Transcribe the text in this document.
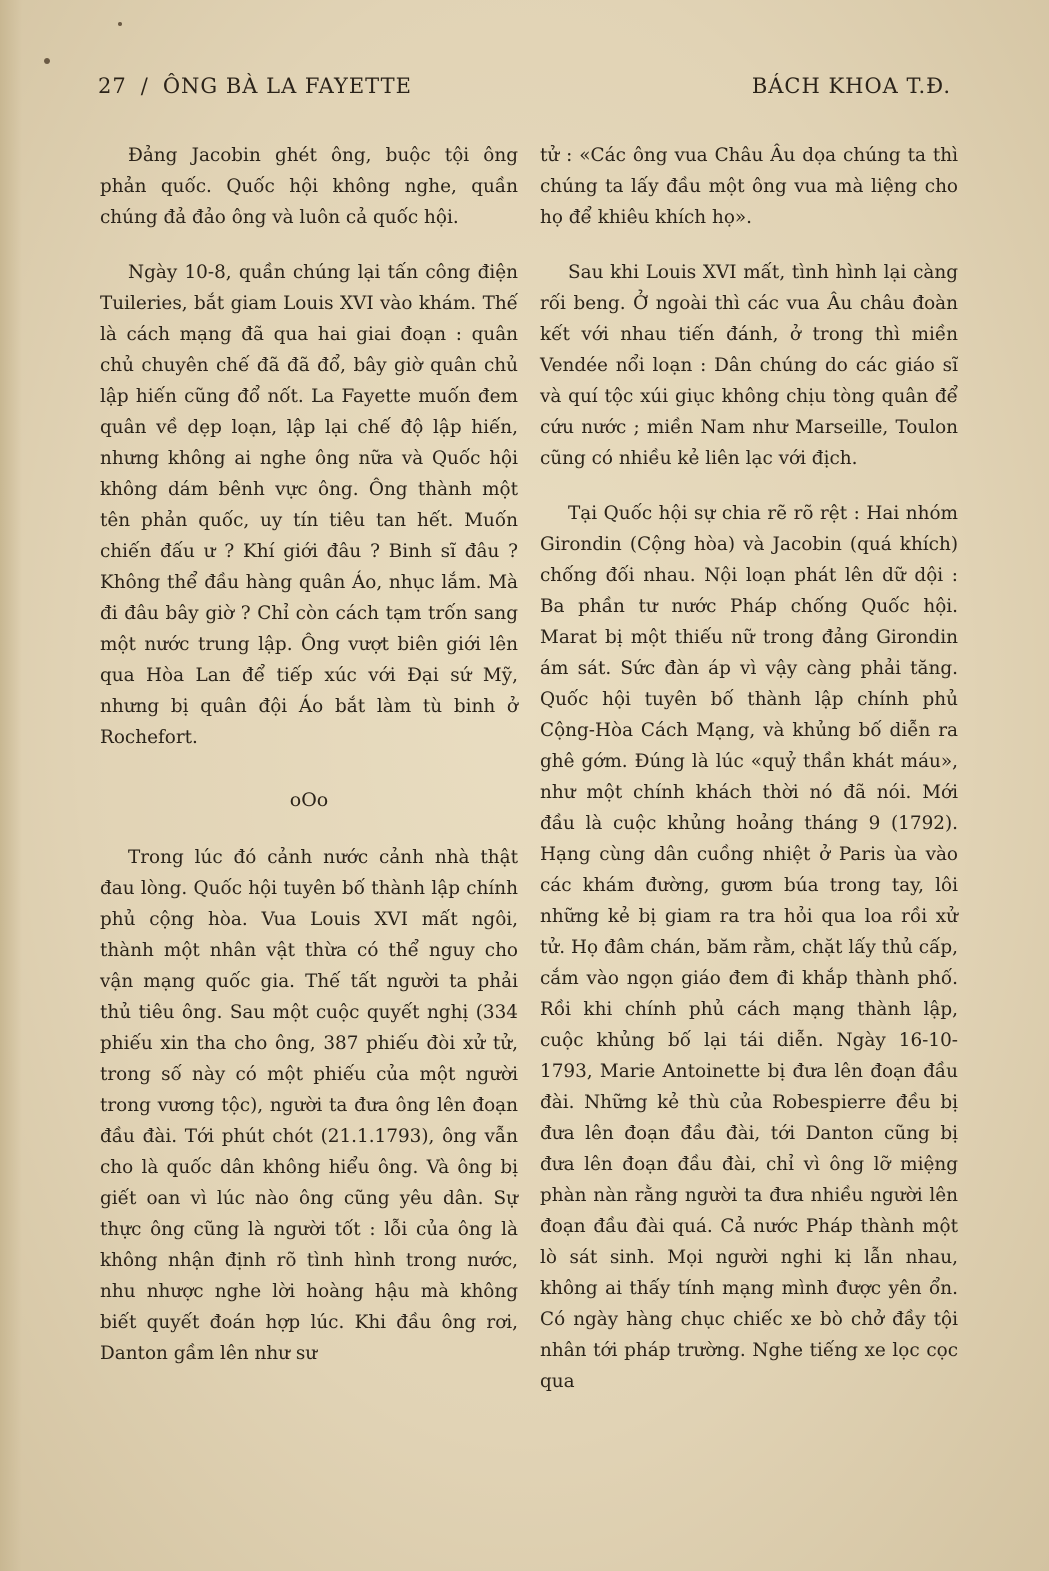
27 / ÔNG BÀ LA FAYETTE	BÁCH KHOA T.Đ.

Đảng Jacobin ghét ông, buộc tội ông phản quốc. Quốc hội không nghe, quần chúng đả đảo ông và luôn cả quốc hội.

Ngày 10-8, quần chúng lại tấn công điện Tuileries, bắt giam Louis XVI vào khám. Thế là cách mạng đã qua hai giai đoạn : quân chủ chuyên chế đã đã đổ, bây giờ quân chủ lập hiến cũng đổ nốt. La Fayette muốn đem quân về dẹp loạn, lập lại chế độ lập hiến, nhưng không ai nghe ông nữa và Quốc hội không dám bênh vực ông. Ông thành một tên phản quốc, uy tín tiêu tan hết. Muốn chiến đấu ư ? Khí giới đâu ? Binh sĩ đâu ? Không thể đầu hàng quân Áo, nhục lắm. Mà đi đâu bây giờ ? Chỉ còn cách tạm trốn sang một nước trung lập. Ông vượt biên giới lên qua Hòa Lan để tiếp xúc với Đại sứ Mỹ, nhưng bị quân đội Áo bắt làm tù binh ở Rochefort.

oOo

Trong lúc đó cảnh nước cảnh nhà thật đau lòng. Quốc hội tuyên bố thành lập chính phủ cộng hòa. Vua Louis XVI mất ngôi, thành một nhân vật thừa có thể nguy cho vận mạng quốc gia. Thế tất người ta phải thủ tiêu ông. Sau một cuộc quyết nghị (334 phiếu xin tha cho ông, 387 phiếu đòi xử tử, trong số này có một phiếu của một người trong vương tộc), người ta đưa ông lên đoạn đầu đài. Tới phút chót (21.1.1793), ông vẫn cho là quốc dân không hiểu ông. Và ông bị giết oan vì lúc nào ông cũng yêu dân. Sự thực ông cũng là người tốt : lỗi của ông là không nhận định rõ tình hình trong nước, nhu nhược nghe lời hoàng hậu mà không biết quyết đoán hợp lúc. Khi đầu ông rơi, Danton gầm lên như sư

tử : «Các ông vua Châu Âu dọa chúng ta thì chúng ta lấy đầu một ông vua mà liệng cho họ để khiêu khích họ».

Sau khi Louis XVI mất, tình hình lại càng rối beng. Ở ngoài thì các vua Âu châu đoàn kết với nhau tiến đánh, ở trong thì miền Vendée nổi loạn : Dân chúng do các giáo sĩ và quí tộc xúi giục không chịu tòng quân để cứu nước ; miền Nam như Marseille, Toulon cũng có nhiều kẻ liên lạc với địch.

Tại Quốc hội sự chia rẽ rõ rệt : Hai nhóm Girondin (Cộng hòa) và Jacobin (quá khích) chống đối nhau. Nội loạn phát lên dữ dội : Ba phần tư nước Pháp chống Quốc hội. Marat bị một thiếu nữ trong đảng Girondin ám sát. Sức đàn áp vì vậy càng phải tăng. Quốc hội tuyên bố thành lập chính phủ Cộng-Hòa Cách Mạng, và khủng bố diễn ra ghê gớm. Đúng là lúc «quỷ thần khát máu», như một chính khách thời nó đã nói. Mới đầu là cuộc khủng hoảng tháng 9 (1792). Hạng cùng dân cuồng nhiệt ở Paris ùa vào các khám đường, gươm búa trong tay, lôi những kẻ bị giam ra tra hỏi qua loa rồi xử tử. Họ đâm chán, băm rằm, chặt lấy thủ cấp, cắm vào ngọn giáo đem đi khắp thành phố. Rồi khi chính phủ cách mạng thành lập, cuộc khủng bố lại tái diễn. Ngày 16-10-1793, Marie Antoinette bị đưa lên đoạn đầu đài. Những kẻ thù của Robespierre đều bị đưa lên đoạn đầu đài, tới Danton cũng bị đưa lên đoạn đầu đài, chỉ vì ông lỡ miệng phàn nàn rằng người ta đưa nhiều người lên đoạn đầu đài quá. Cả nước Pháp thành một lò sát sinh. Mọi người nghi kị lẫn nhau, không ai thấy tính mạng mình được yên ổn. Có ngày hàng chục chiếc xe bò chở đầy tội nhân tới pháp trường. Nghe tiếng xe lọc cọc qua
